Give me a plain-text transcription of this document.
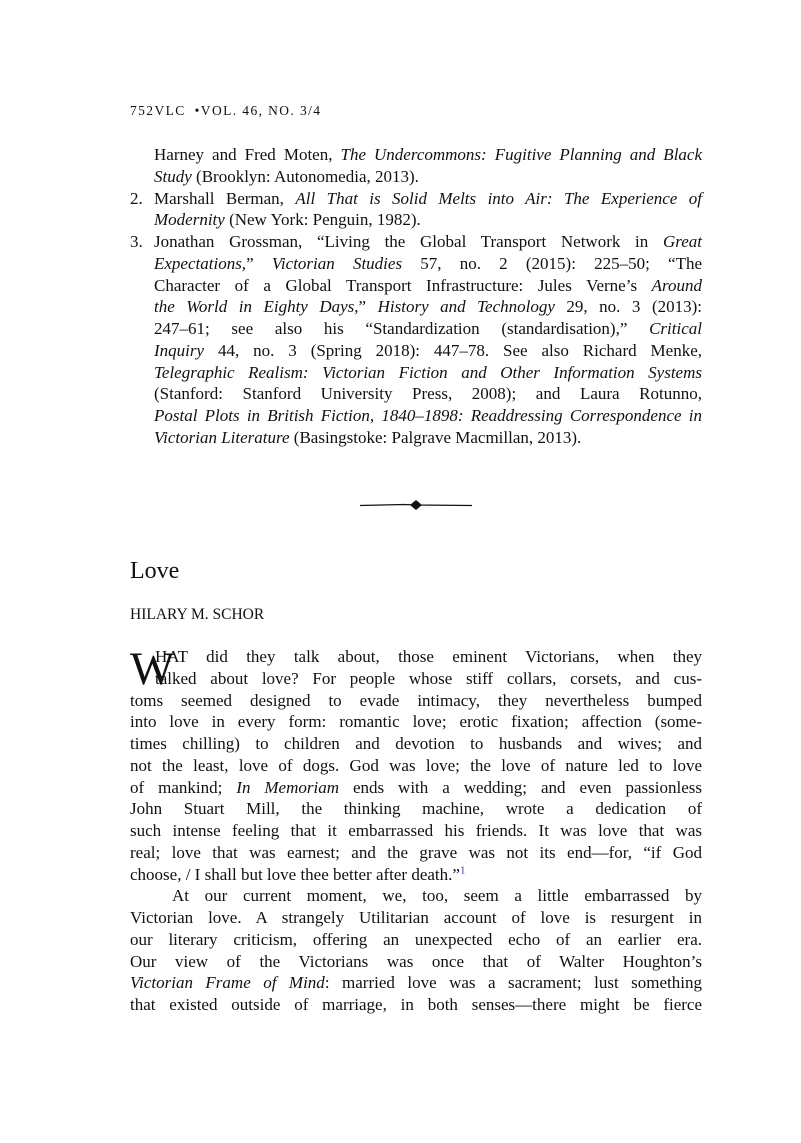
752VLC •VOL. 46, NO. 3/4
Harney and Fred Moten, The Undercommons: Fugitive Planning and Black
Study (Brooklyn: Autonomedia, 2013).
2. Marshall Berman, All That is Solid Melts into Air: The Experience of
Modernity (New York: Penguin, 1982).
3. Jonathan Grossman, “Living the Global Transport Network in Great
Expectations,” Victorian Studies 57, no. 2 (2015): 225–50; “The
Character of a Global Transport Infrastructure: Jules Verne’s Around
the World in Eighty Days,” History and Technology 29, no. 3 (2013):
247–61; see also his “Standardization (standardisation),” Critical
Inquiry 44, no. 3 (Spring 2018): 447–78. See also Richard Menke,
Telegraphic Realism: Victorian Fiction and Other Information Systems
(Stanford: Stanford University Press, 2008); and Laura Rotunno,
Postal Plots in British Fiction, 1840–1898: Readdressing Correspondence in
Victorian Literature (Basingstoke: Palgrave Macmillan, 2013).
Love
HILARY M. SCHOR
W
HAT did they talk about, those eminent Victorians, when they
talked about love? For people whose stiff collars, corsets, and cus-
toms seemed designed to evade intimacy, they nevertheless bumped
into love in every form: romantic love; erotic fixation; affection (some-
times chilling) to children and devotion to husbands and wives; and
not the least, love of dogs. God was love; the love of nature led to love
of mankind; In Memoriam ends with a wedding; and even passionless
John Stuart Mill, the thinking machine, wrote a dedication of
such intense feeling that it embarrassed his friends. It was love that was
real; love that was earnest; and the grave was not its end—for, “if God
choose, / I shall but love thee better after death.”$^1$
At our current moment, we, too, seem a little embarrassed by
Victorian love. A strangely Utilitarian account of love is resurgent in
our literary criticism, offering an unexpected echo of an earlier era.
Our view of the Victorians was once that of Walter Houghton’s
Victorian Frame of Mind: married love was a sacrament; lust something
that existed outside of marriage, in both senses—there might be fierce
